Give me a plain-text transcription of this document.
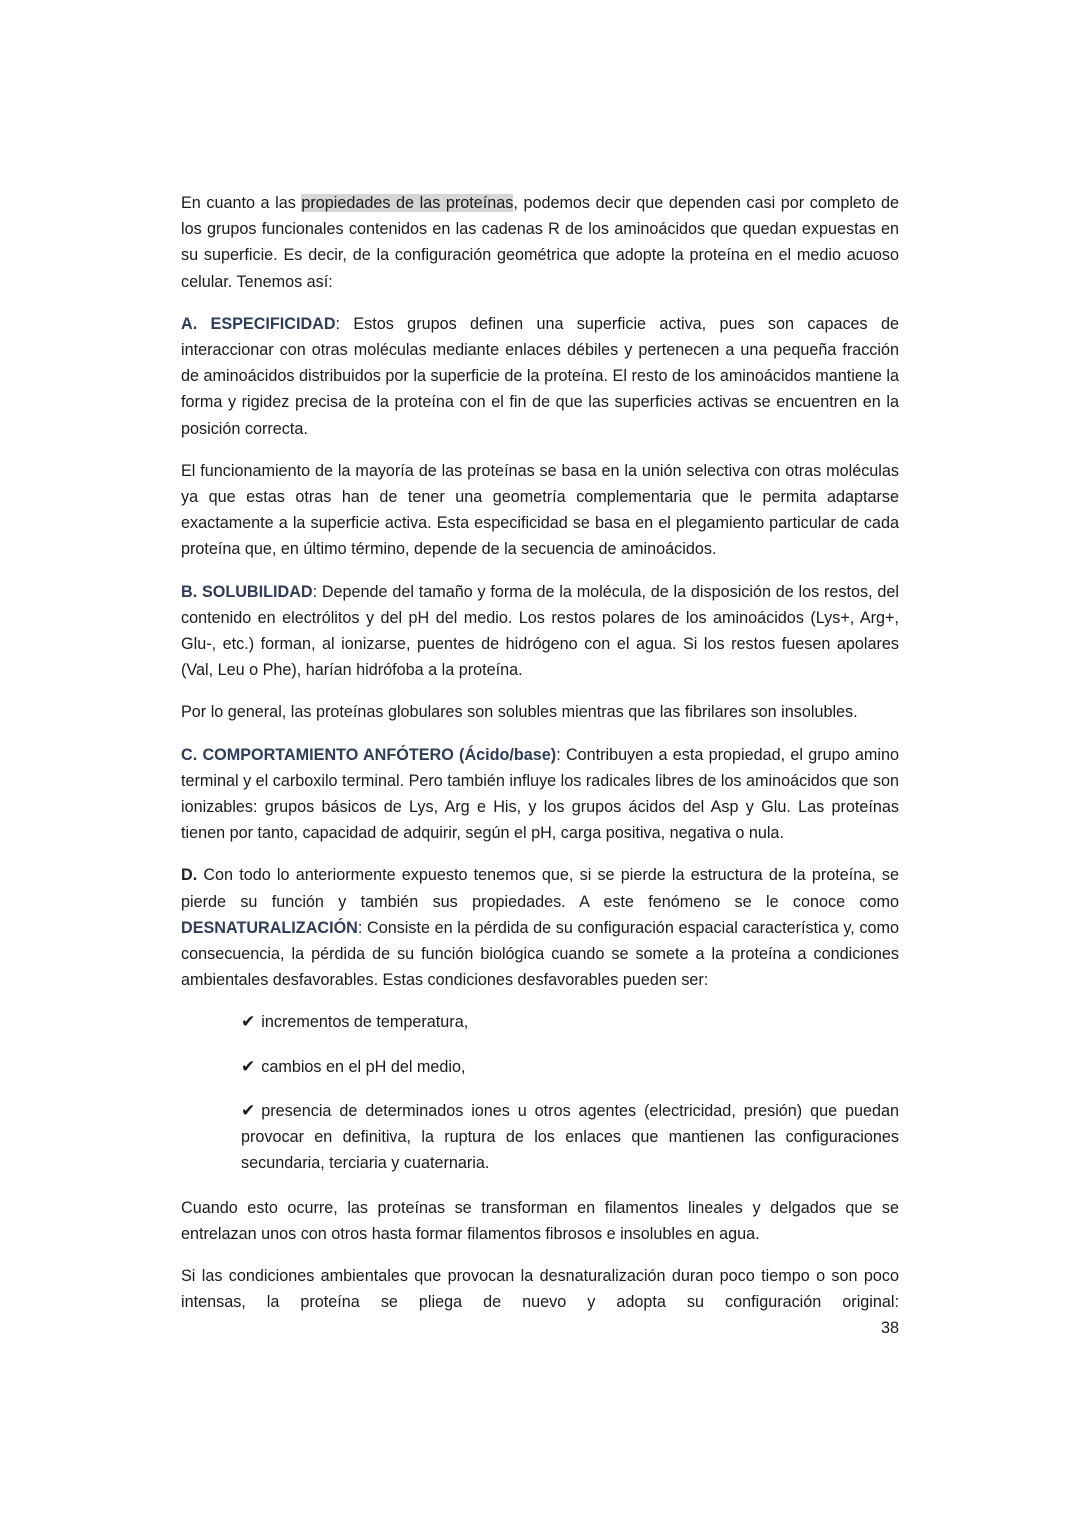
En cuanto a las propiedades de las proteínas, podemos decir que dependen casi por completo de los grupos funcionales contenidos en las cadenas R de los aminoácidos que quedan expuestas en su superficie. Es decir, de la configuración geométrica que adopte la proteína en el medio acuoso celular. Tenemos así:

A. ESPECIFICIDAD: Estos grupos definen una superficie activa, pues son capaces de interaccionar con otras moléculas mediante enlaces débiles y pertenecen a una pequeña fracción de aminoácidos distribuidos por la superficie de la proteína. El resto de los aminoácidos mantiene la forma y rigidez precisa de la proteína con el fin de que las superficies activas se encuentren en la posición correcta.

El funcionamiento de la mayoría de las proteínas se basa en la unión selectiva con otras moléculas ya que estas otras han de tener una geometría complementaria que le permita adaptarse exactamente a la superficie activa. Esta especificidad se basa en el plegamiento particular de cada proteína que, en último término, depende de la secuencia de aminoácidos.

B. SOLUBILIDAD: Depende del tamaño y forma de la molécula, de la disposición de los restos, del contenido en electrólitos y del pH del medio. Los restos polares de los aminoácidos (Lys+, Arg+, Glu-, etc.) forman, al ionizarse, puentes de hidrógeno con el agua. Si los restos fuesen apolares (Val, Leu o Phe), harían hidrófoba a la proteína.

Por lo general, las proteínas globulares son solubles mientras que las fibrilares son insolubles.

C. COMPORTAMIENTO ANFÓTERO (Ácido/base): Contribuyen a esta propiedad, el grupo amino terminal y el carboxilo terminal. Pero también influye los radicales libres de los aminoácidos que son ionizables: grupos básicos de Lys, Arg e His, y los grupos ácidos del Asp y Glu. Las proteínas tienen por tanto, capacidad de adquirir, según el pH, carga positiva, negativa o nula.

D. Con todo lo anteriormente expuesto tenemos que, si se pierde la estructura de la proteína, se pierde su función y también sus propiedades. A este fenómeno se le conoce como DESNATURALIZACIÓN: Consiste en la pérdida de su configuración espacial característica y, como consecuencia, la pérdida de su función biológica cuando se somete a la proteína a condiciones ambientales desfavorables. Estas condiciones desfavorables pueden ser:

✔ incrementos de temperatura,
✔ cambios en el pH del medio,
✔ presencia de determinados iones u otros agentes (electricidad, presión) que puedan provocar en definitiva, la ruptura de los enlaces que mantienen las configuraciones secundaria, terciaria y cuaternaria.

Cuando esto ocurre, las proteínas se transforman en filamentos lineales y delgados que se entrelazan unos con otros hasta formar filamentos fibrosos e insolubles en agua.

Si las condiciones ambientales que provocan la desnaturalización duran poco tiempo o son poco intensas, la proteína se pliega de nuevo y adopta su configuración original:

38
